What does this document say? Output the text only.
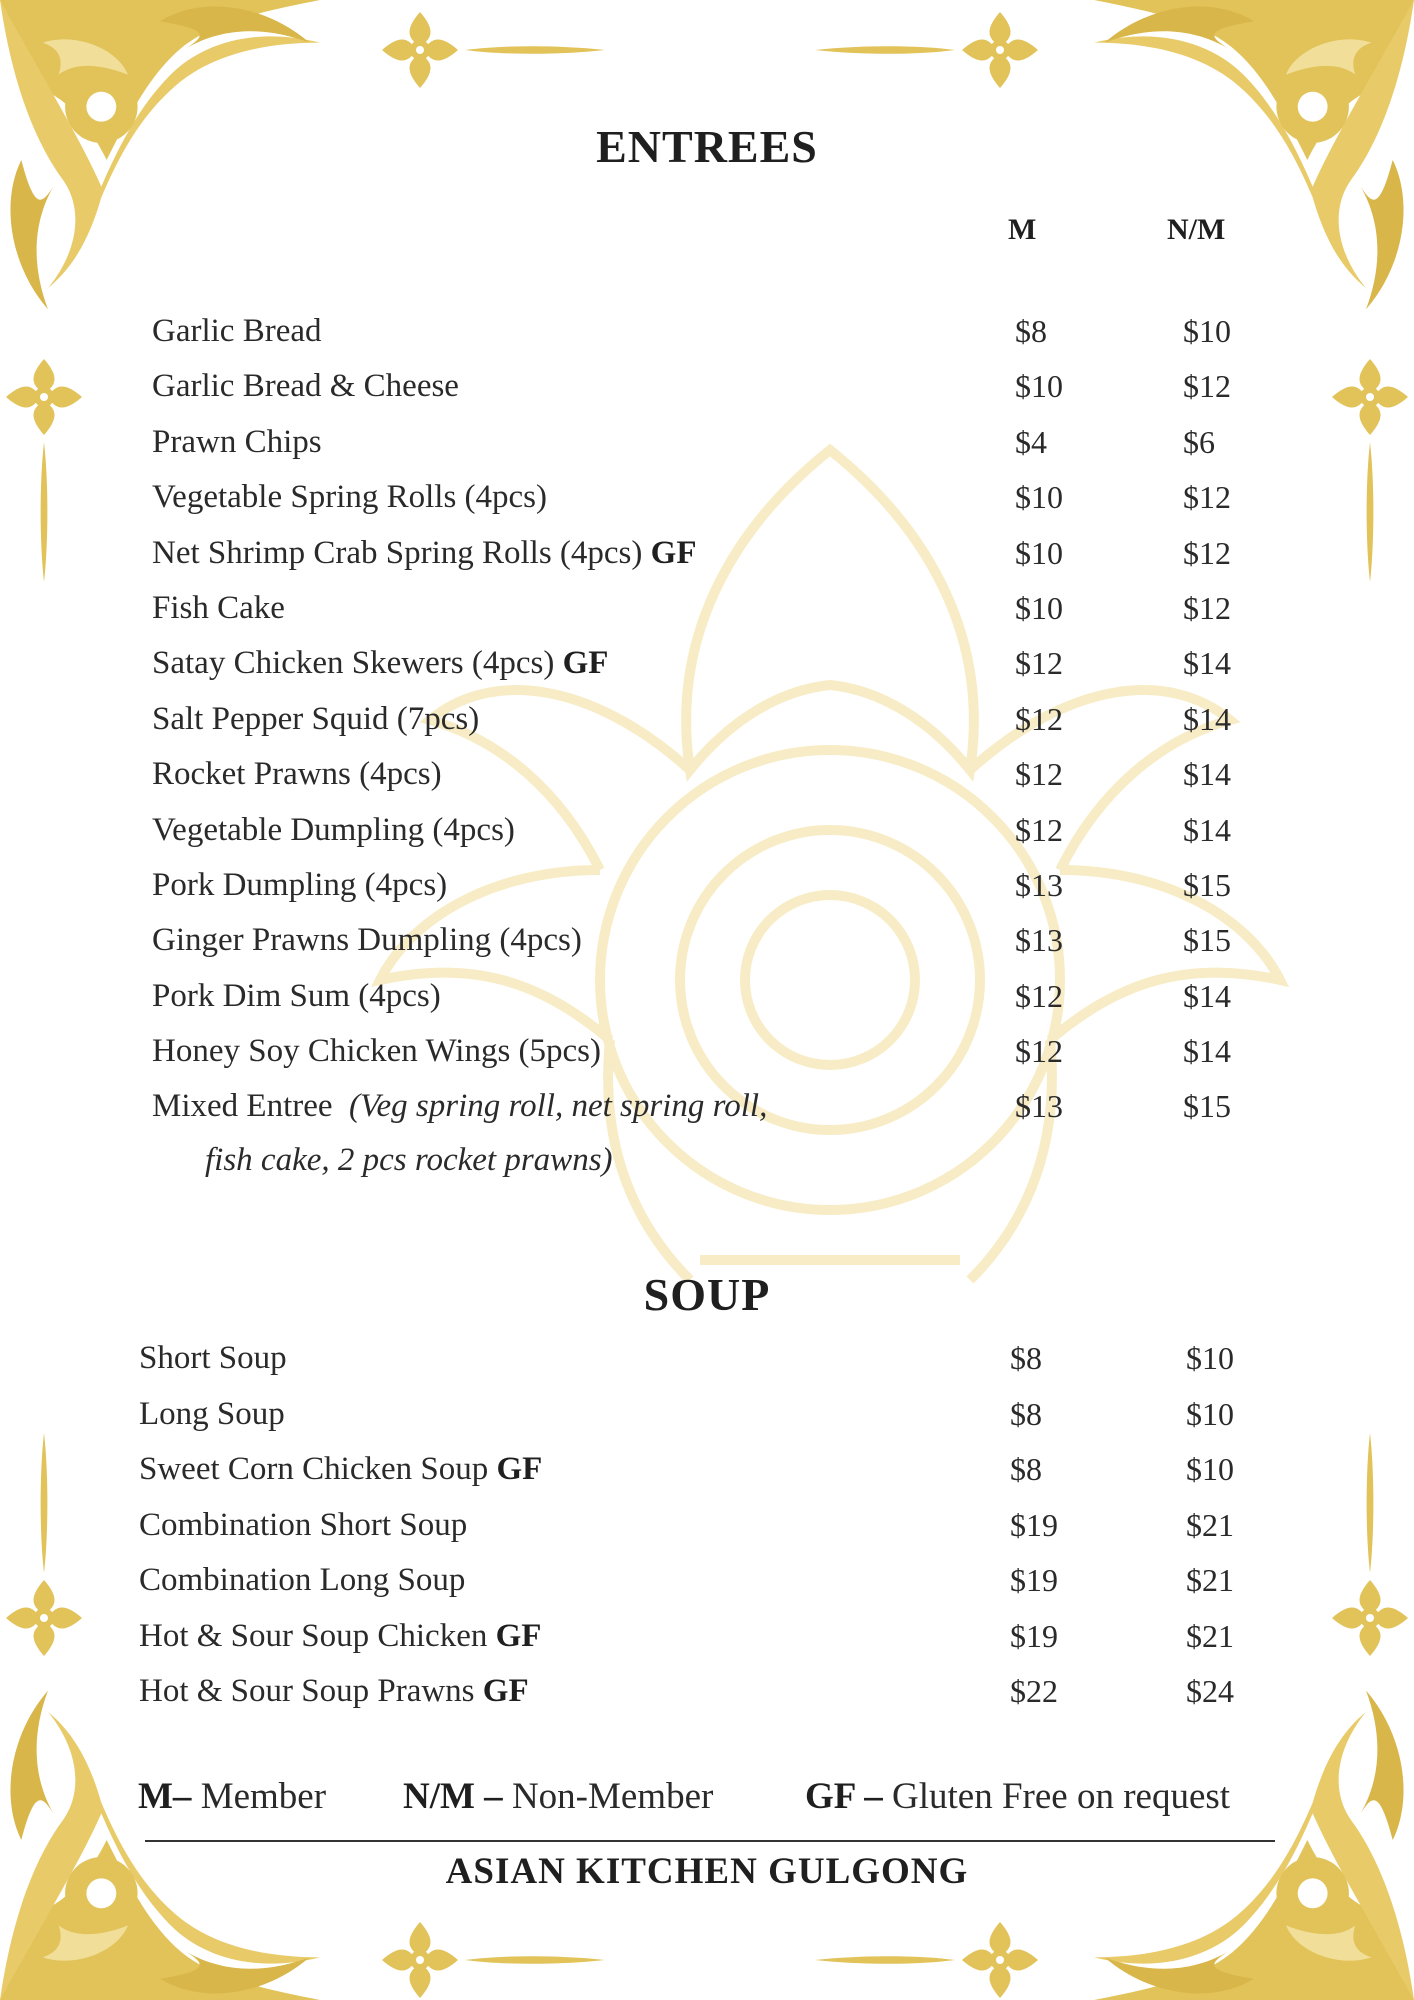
ENTREES
M	N/M
Garlic Bread	$8	$10
Garlic Bread & Cheese	$10	$12
Prawn Chips	$4	$6
Vegetable Spring Rolls (4pcs)	$10	$12
Net Shrimp Crab Spring Rolls (4pcs) GF	$10	$12
Fish Cake	$10	$12
Satay Chicken Skewers (4pcs) GF	$12	$14
Salt Pepper Squid (7pcs)	$12	$14
Rocket Prawns (4pcs)	$12	$14
Vegetable Dumpling (4pcs)	$12	$14
Pork Dumpling (4pcs)	$13	$15
Ginger Prawns Dumpling (4pcs)	$13	$15
Pork Dim Sum (4pcs)	$12	$14
Honey Soy Chicken Wings (5pcs)	$12	$14
Mixed Entree (Veg spring roll, net spring roll,	$13	$15
fish cake, 2 pcs rocket prawns)
SOUP
Short Soup	$8	$10
Long Soup	$8	$10
Sweet Corn Chicken Soup GF	$8	$10
Combination Short Soup	$19	$21
Combination Long Soup	$19	$21
Hot & Sour Soup Chicken GF	$19	$21
Hot & Sour Soup Prawns GF	$22	$24
M– Member N/M – Non-Member GF – Gluten Free on request
ASIAN KITCHEN GULGONG
